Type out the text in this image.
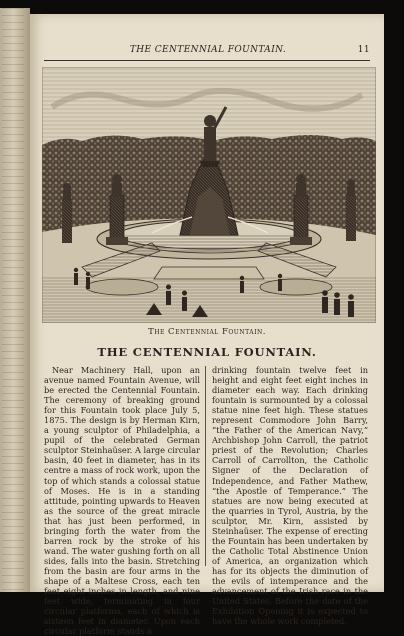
THE CENTENNIAL FOUNTAIN.	11
The Centennial Fountain.
THE CENTENNIAL FOUNTAIN.
Near Machinery Hall, upon an avenue named Fountain Avenue, will be erected the Centennial Fountain. The ceremony of breaking ground for this Fountain took place July 5, 1875. The design is by Herman Kirn, a young sculptor of Philadelphia, a pupil of the celebrated German sculptor Steinhaüser. A large circular basin, 40 feet in diameter, has in its centre a mass of rock work, upon the top of which stands a colossal statue of Moses. He is in a standing attitude, pointing upwards to Heaven as the source of the great miracle that has just been performed, in bringing forth the water from the barren rock by the stroke of his wand. The water gushing forth on all sides, falls into the basin. Stretching from the basin are four arms in the shape of a Maltese Cross, each ten feet eight inches in length, and nine feet wide, terminating in four circular platforms, each of which is sixteen feet in diameter. Upon each circular platform stands a
drinking fountain twelve feet in height and eight feet eight inches in diameter each way. Each drinking fountain is surmounted by a colossal statue nine feet high. These statues represent Commodore John Barry, “the Father of the American Navy,” Archbishop John Carroll, the patriot priest of the Revolution; Charles Carroll of Carrollton, the Catholic Signer of the Declaration of Independence, and Father Mathew, “the Apostle of Temperance.” The statues are now being executed at the quarries in Tyrol, Austria, by the sculptor, Mr. Kirn, assisted by Steinhaüser. The expense of erecting the Fountain has been undertaken by the Catholic Total Abstinence Union of America, an organization which has for its objects the diminution of the evils of intemperance and the advancement of the Irish race in the United States. Before the date of the Exhibition Opening it is expected to have the whole work completed.
